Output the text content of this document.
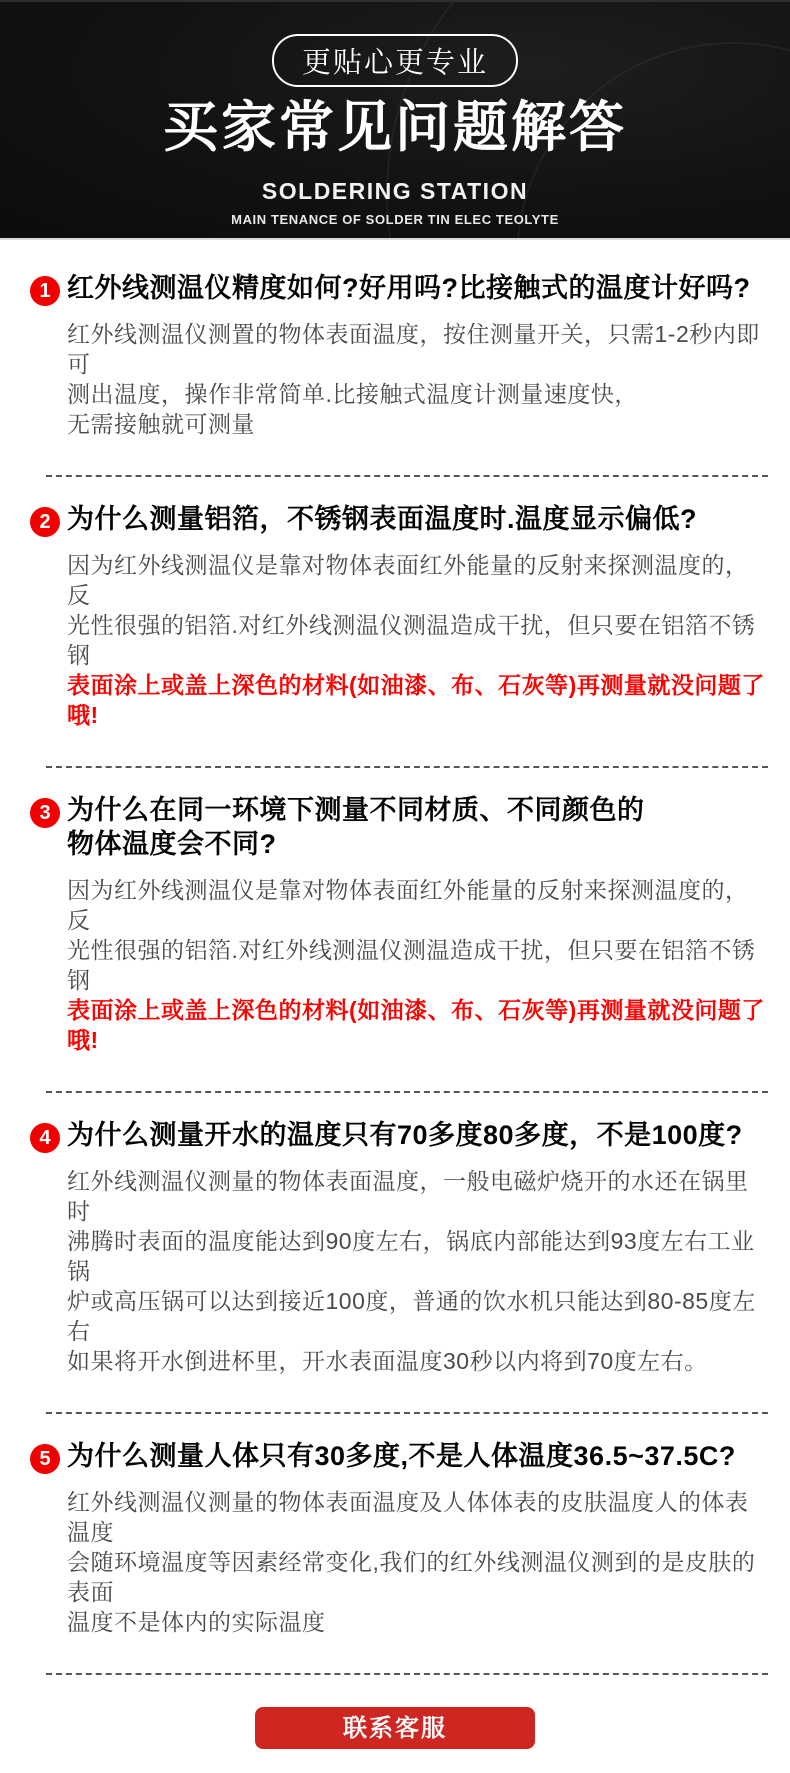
更贴心更专业
买家常见问题解答
SOLDERING STATION
MAIN TENANCE OF SOLDER TIN ELEC TEOLYTE
1 红外线测温仪精度如何?好用吗?比接触式的温度计好吗?
红外线测温仪测置的物体表面温度，按住测量开关，只需1-2秒内即可
测出温度，操作非常简单.比接触式温度计测量速度快，
无需接触就可测量
2 为什么测量铝箔，不锈钢表面温度时.温度显示偏低?
因为红外线测温仪是靠对物体表面红外能量的反射来探测温度的，反
光性很强的铝箔.对红外线测温仪测温造成干扰，但只要在铝箔不锈钢
表面涂上或盖上深色的材料(如油漆、布、石灰等)再测量就没问题了哦!
3 为什么在同一环境下测量不同材质、不同颜色的
物体温度会不同?
因为红外线测温仪是靠对物体表面红外能量的反射来探测温度的，反
光性很强的铝箔.对红外线测温仪测温造成干扰，但只要在铝箔不锈钢
表面涂上或盖上深色的材料(如油漆、布、石灰等)再测量就没问题了哦!
4 为什么测量开水的温度只有70多度80多度，不是100度?
红外线测温仪测量的物体表面温度，一般电磁炉烧开的水还在锅里时
沸腾时表面的温度能达到90度左右，锅底内部能达到93度左右工业锅
炉或高压锅可以达到接近100度，普通的饮水机只能达到80-85度左右
如果将开水倒进杯里，开水表面温度30秒以内将到70度左右。
5 为什么测量人体只有30多度,不是人体温度36.5~37.5C?
红外线测温仪测量的物体表面温度及人体体表的皮肤温度人的体表温度
会随环境温度等因素经常变化,我们的红外线测温仪测到的是皮肤的表面
温度不是体内的实际温度
联系客服
